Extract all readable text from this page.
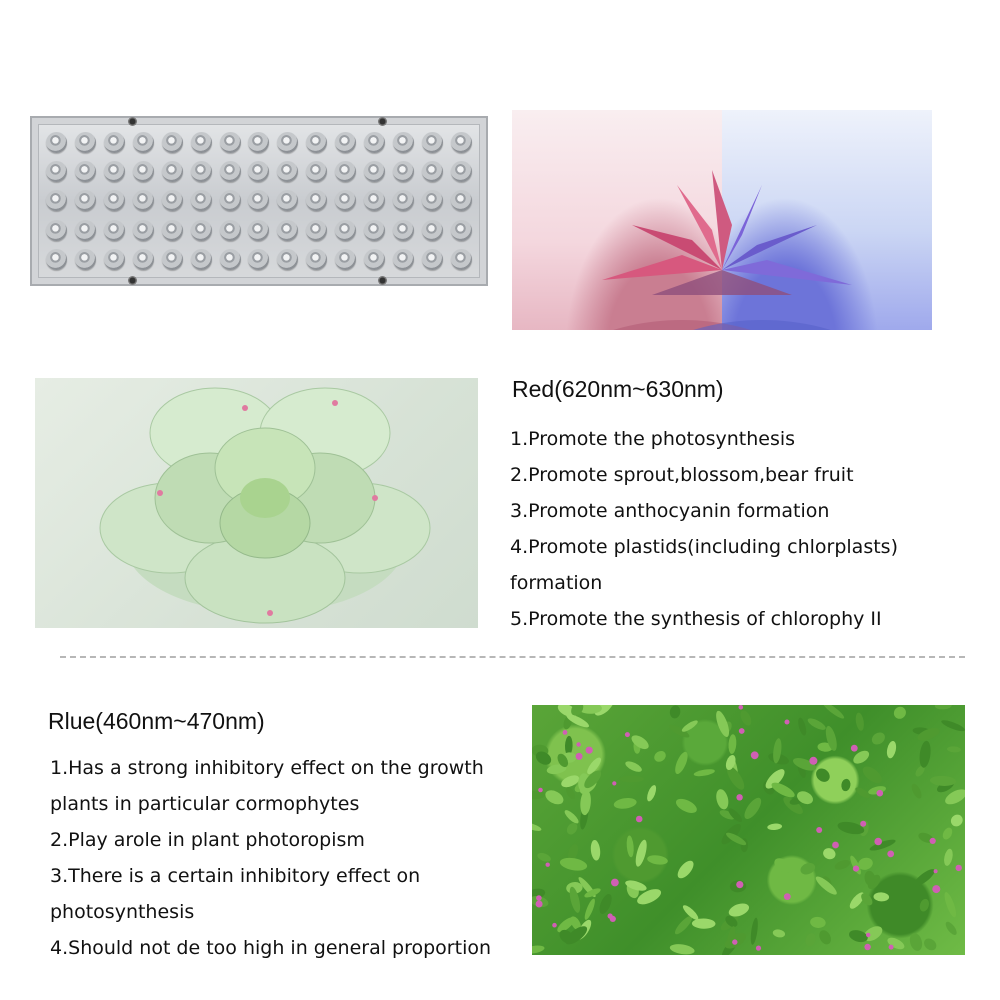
Red(620nm~630nm)
1.Promote the photosynthesis
2.Promote sprout,blossom,bear fruit
3.Promote anthocyanin formation
4.Promote plastids(including chlorplasts)
formation
5.Promote the synthesis of chlorophy II
Rlue(460nm~470nm)
1.Has a strong inhibitory effect on the growth
plants in particular cormophytes
2.Play arole in plant photoropism
3.There is a certain inhibitory effect on
photosynthesis
4.Should not de too high in general proportion
